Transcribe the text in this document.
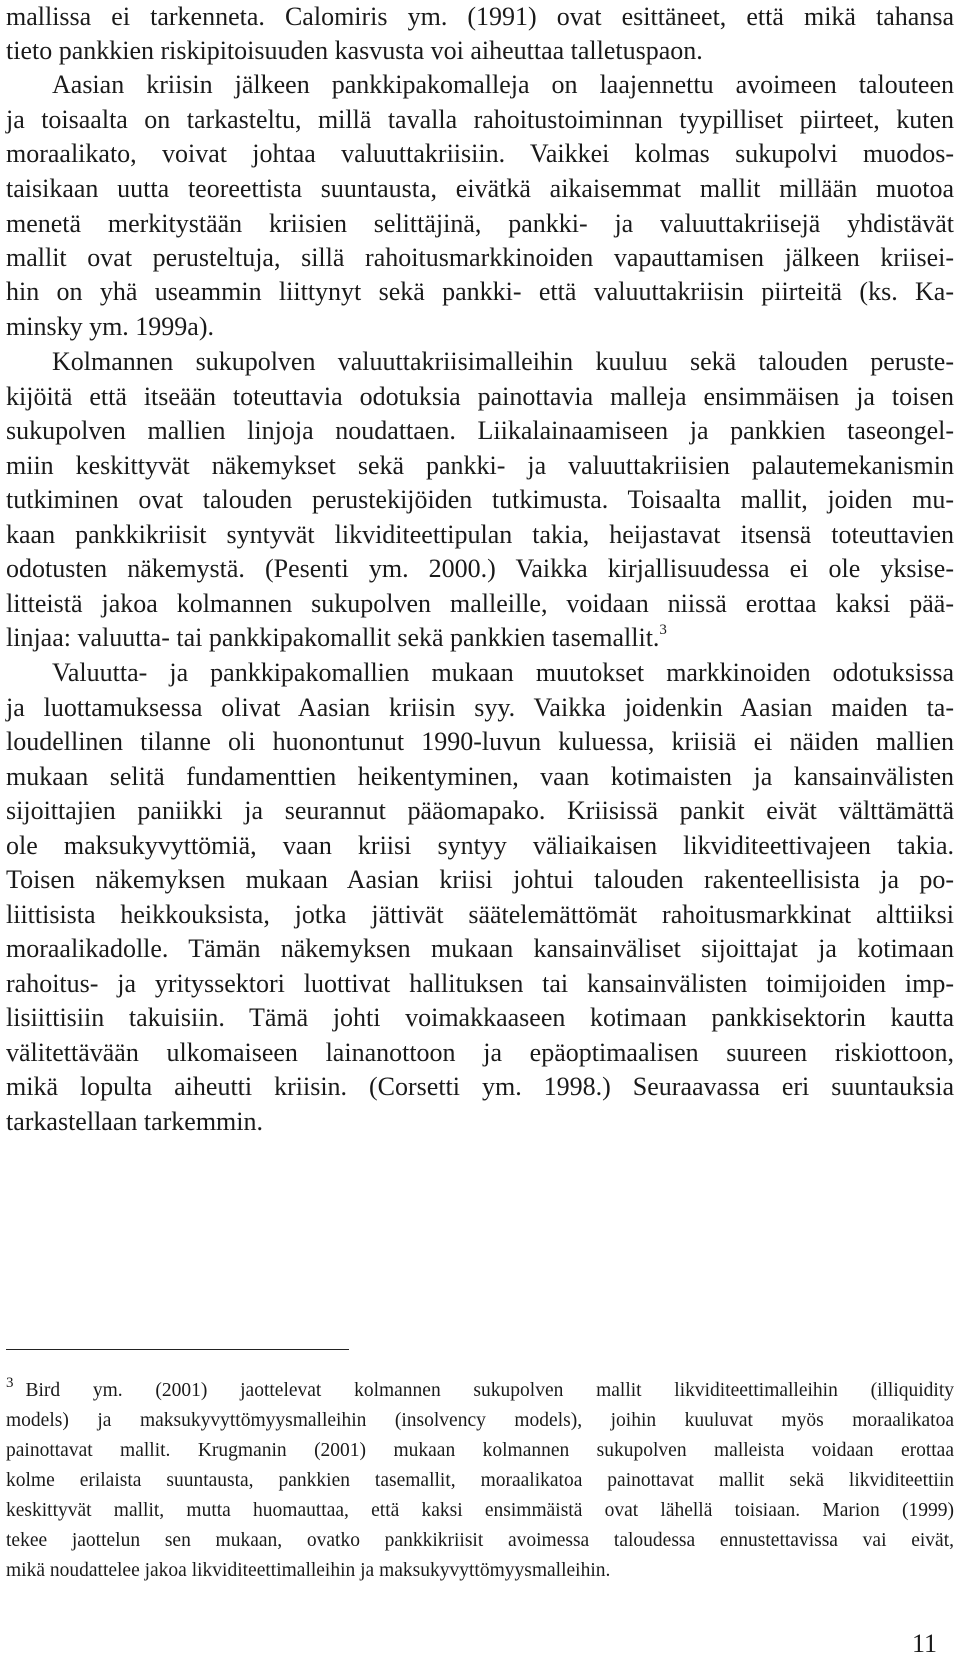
mallissa ei tarkenneta. Calomiris ym. (1991) ovat esittäneet, että mikä tahansa
tieto pankkien riskipitoisuuden kasvusta voi aiheuttaa talletuspaon.
Aasian kriisin jälkeen pankkipakomalleja on laajennettu avoimeen talouteen
ja toisaalta on tarkasteltu, millä tavalla rahoitustoiminnan tyypilliset piirteet, kuten
moraalikato, voivat johtaa valuuttakriisiin. Vaikkei kolmas sukupolvi muodos-
taisikaan uutta teoreettista suuntausta, eivätkä aikaisemmat mallit millään muotoa
menetä merkitystään kriisien selittäjinä, pankki- ja valuuttakriisejä yhdistävät
mallit ovat perusteltuja, sillä rahoitusmarkkinoiden vapauttamisen jälkeen kriisei-
hin on yhä useammin liittynyt sekä pankki- että valuuttakriisin piirteitä (ks. Ka-
minsky ym. 1999a).
Kolmannen sukupolven valuuttakriisimalleihin kuuluu sekä talouden peruste-
kijöitä että itseään toteuttavia odotuksia painottavia malleja ensimmäisen ja toisen
sukupolven mallien linjoja noudattaen. Liikalainaamiseen ja pankkien taseongel-
miin keskittyvät näkemykset sekä pankki- ja valuuttakriisien palautemekanismin
tutkiminen ovat talouden perustekijöiden tutkimusta. Toisaalta mallit, joiden mu-
kaan pankkikriisit syntyvät likviditeettipulan takia, heijastavat itsensä toteuttavien
odotusten näkemystä. (Pesenti ym. 2000.) Vaikka kirjallisuudessa ei ole yksise-
litteistä jakoa kolmannen sukupolven malleille, voidaan niissä erottaa kaksi pää-
linjaa: valuutta- tai pankkipakomallit sekä pankkien tasemallit.$^3$
Valuutta- ja pankkipakomallien mukaan muutokset markkinoiden odotuksissa
ja luottamuksessa olivat Aasian kriisin syy. Vaikka joidenkin Aasian maiden ta-
loudellinen tilanne oli huonontunut 1990-luvun kuluessa, kriisiä ei näiden mallien
mukaan selitä fundamenttien heikentyminen, vaan kotimaisten ja kansainvälisten
sijoittajien paniikki ja seurannut pääomapako. Kriisissä pankit eivät välttämättä
ole maksukyvyttömiä, vaan kriisi syntyy väliaikaisen likviditeettivajeen takia.
Toisen näkemyksen mukaan Aasian kriisi johtui talouden rakenteellisista ja po-
liittisista heikkouksista, jotka jättivät säätelemättömät rahoitusmarkkinat alttiiksi
moraalikadolle. Tämän näkemyksen mukaan kansainväliset sijoittajat ja kotimaan
rahoitus- ja yrityssektori luottivat hallituksen tai kansainvälisten toimijoiden imp-
lisiittisiin takuisiin. Tämä johti voimakkaaseen kotimaan pankkisektorin kautta
välitettävään ulkomaiseen lainanottoon ja epäoptimaalisen suureen riskiottoon,
mikä lopulta aiheutti kriisin. (Corsetti ym. 1998.) Seuraavassa eri suuntauksia
tarkastellaan tarkemmin.
$^3$ Bird ym. (2001) jaottelevat kolmannen sukupolven mallit likviditeettimalleihin (illiquidity
models) ja maksukyvyttömyysmalleihin (insolvency models), joihin kuuluvat myös moraalikatoa
painottavat mallit. Krugmanin (2001) mukaan kolmannen sukupolven malleista voidaan erottaa
kolme erilaista suuntausta, pankkien tasemallit, moraalikatoa painottavat mallit sekä likviditeettiin
keskittyvät mallit, mutta huomauttaa, että kaksi ensimmäistä ovat lähellä toisiaan. Marion (1999)
tekee jaottelun sen mukaan, ovatko pankkikriisit avoimessa taloudessa ennustettavissa vai eivät,
mikä noudattelee jakoa likviditeettimalleihin ja maksukyvyttömyysmalleihin.
11
